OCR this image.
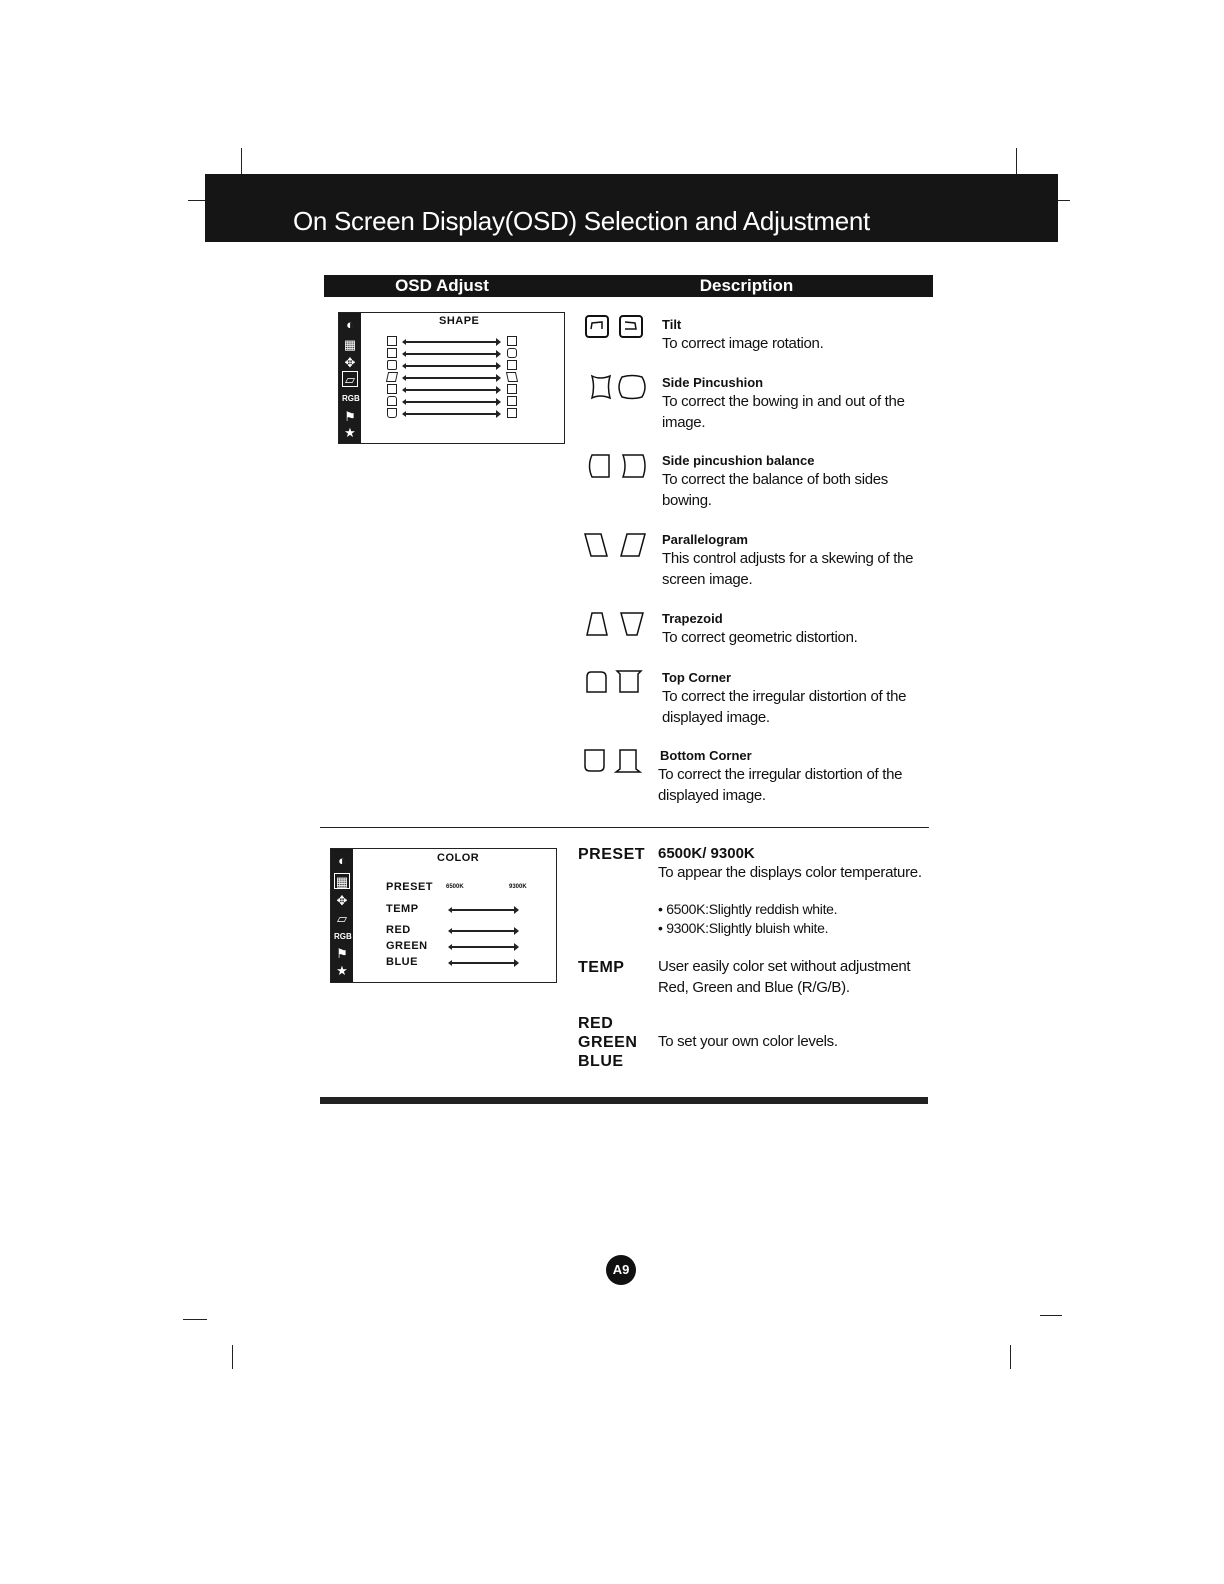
On Screen Display(OSD) Selection and Adjustment
OSD Adjust	Description
◐
▦
✥
▱
RGB
⚑
★
SHAPE	Tilt
To correct image rotation.
Side Pincushion
To correct the bowing in and out of the image.
Side pincushion balance
To correct the balance of both sides bowing.
Parallelogram
This control adjusts for a skewing of the screen image.
Trapezoid
To correct geometric distortion.
Top Corner
To correct the irregular distortion of the displayed image.
Bottom Corner
To correct the irregular distortion of the displayed image.
◐
▦
✥
▱
RGB
⚑
★
COLOR
PRESET 6500K	9300K
TEMP
RED
GREEN
BLUE
PRESET 6500K/ 9300K
To appear the displays color temperature.
• 6500K:Slightly reddish white.
• 9300K:Slightly bluish white.
TEMP User easily color set without adjustment Red, Green and Blue (R/G/B).
RED
GREEN
BLUE
To set your own color levels.
A9
